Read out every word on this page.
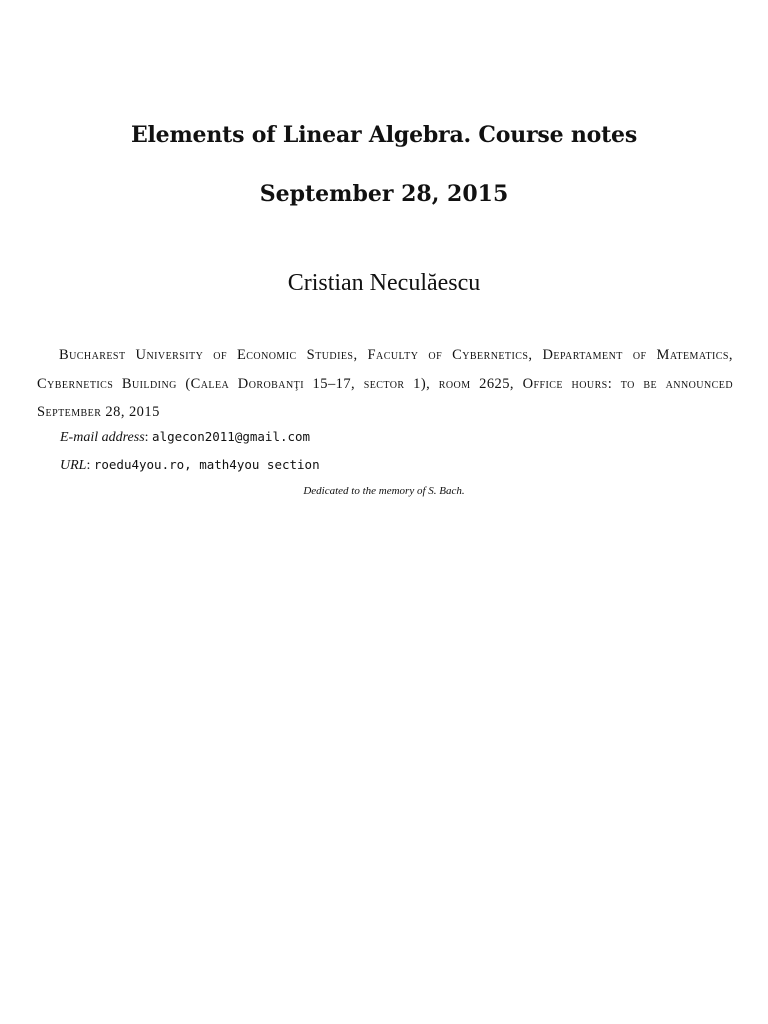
Elements of Linear Algebra. Course notes
September 28, 2015
Cristian Neculăescu
Bucharest University of Economic Studies, Faculty of Cybernetics, Departament of Matematics, Cybernetics Building (Calea Dorobanţi 15–17, sector 1), room 2625, Office hours: to be announced September 28, 2015
E-mail address: algecon2011@gmail.com
URL: roedu4you.ro, math4you section
Dedicated to the memory of S. Bach.
